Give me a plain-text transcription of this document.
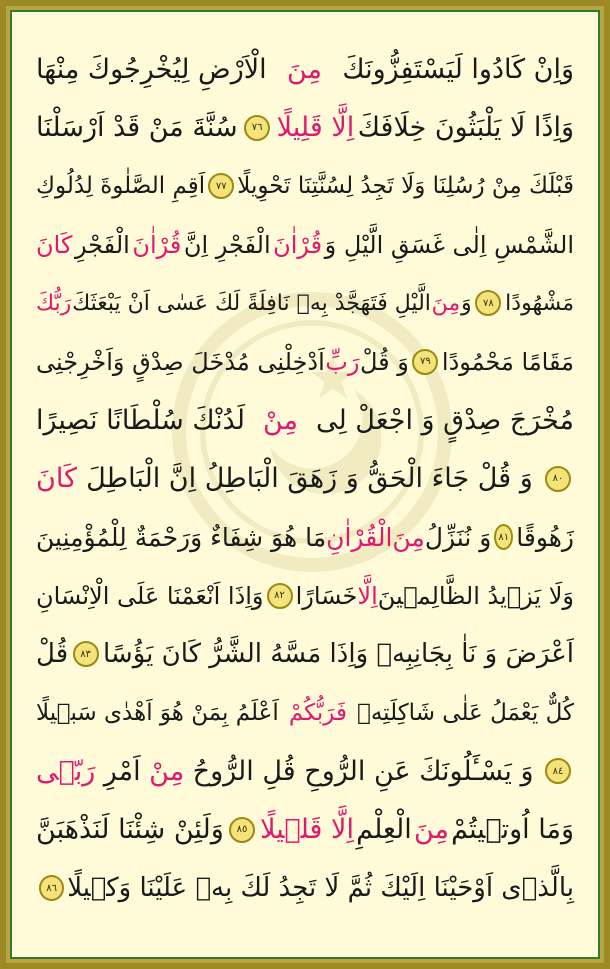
وَاِنْ كَادُوا لَيَسْتَفِزُّونَكَ
مِنَ
الْاَرْضِ لِيُخْرِجُوكَ مِنْهَا
وَاِذًا لَا يَلْبَثُونَ خِلَافَكَ
اِلَّا قَلِيلًا
٧٦
سُنَّةَ مَنْ قَدْ اَرْسَلْنَا
قَبْلَكَ مِنْ رُسُلِنَا وَلَا تَجِدُ لِسُنَّتِنَا تَحْوِيلًا
٧٧
اَقِمِ الصَّلٰوةَ لِدُلُوكِ
الشَّمْسِ اِلٰى غَسَقِ الَّيْلِ وَ
قُرْاٰنَ
الْفَجْرِ اِنَّ
قُرْاٰنَ
الْفَجْرِ
كَانَ
مَشْهُودًا
٧٨
وَ
مِنَ
الَّيْلِ فَتَهَجَّدْ بِه۪ نَافِلَةً لَكَ عَسٰى اَنْ يَبْعَثَكَ
رَبُّكَ
مَقَامًا مَحْمُودًا
٧٩
وَ قُلْ
رَبِّ
اَدْخِلْنِى مُدْخَلَ صِدْقٍ وَاَخْرِجْنِى
مُخْرَجَ صِدْقٍ وَ اجْعَلْ لِى
مِنْ
لَدُنْكَ سُلْطَانًا نَصِيرًا
٨٠
وَ قُلْ جَاءَ الْحَقُّ وَ زَهَقَ الْبَاطِلُ اِنَّ الْبَاطِلَ
كَانَ
زَهُوقًا
٨١
وَ نُنَزِّلُ
مِنَ
الْقُرْاٰنِ
مَا هُوَ شِفَاءٌ وَرَحْمَةٌ لِلْمُؤْمِنِينَ
وَلَا يَز۪يدُ الظَّالِم۪ينَ
اِلَّا
خَسَارًا
٨٢
وَاِذَا اَنْعَمْنَا عَلَى الْاِنْسَانِ
اَعْرَضَ وَ نَاٰ بِجَانِبِه۪ وَاِذَا مَسَّهُ الشَّرُّ كَانَ يَؤُسًا
٨٣
قُلْ
كُلٌّ يَعْمَلُ عَلٰى شَاكِلَتِه۪
فَرَبُّكُمْ
اَعْلَمُ بِمَنْ هُوَ اَهْدٰى سَب۪يلًا
٨٤
وَ يَسْـَٔلُونَكَ عَنِ الرُّوحِ قُلِ الرُّوحُ
مِنْ
اَمْرِ
رَبّ۪ى
وَمَا اُوت۪يتُمْ
مِنَ
الْعِلْمِ
اِلَّا قَل۪يلًا
٨٥
وَلَئِنْ شِئْنَا لَنَذْهَبَنَّ
بِالَّذ۪ى اَوْحَيْنَا اِلَيْكَ ثُمَّ لَا تَجِدُ لَكَ بِه۪ عَلَيْنَا وَك۪يلًا
٨٦
